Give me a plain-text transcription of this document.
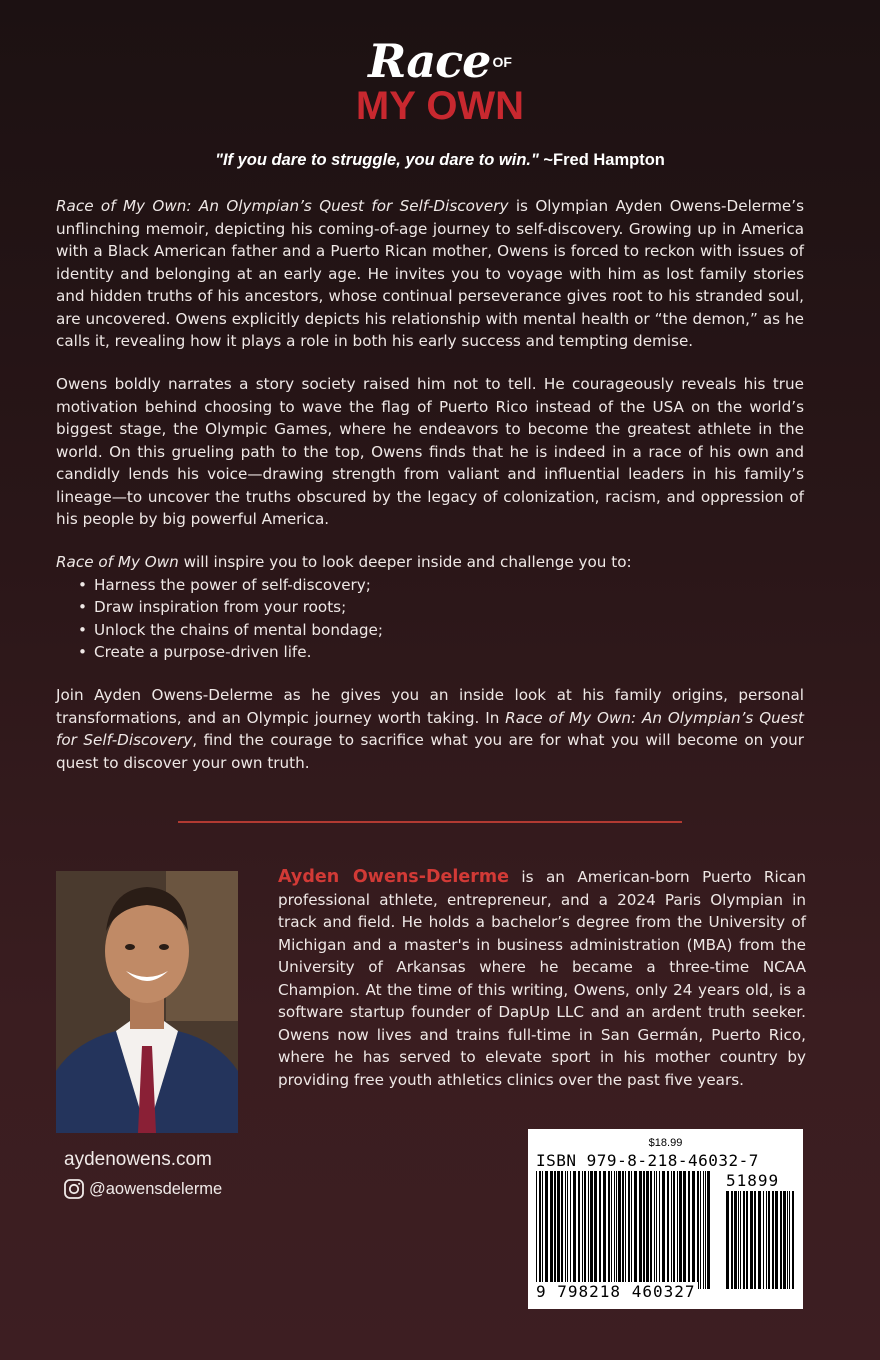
Race OF
MY OWN
"If you dare to struggle, you dare to win." ~Fred Hampton
Race of My Own: An Olympian’s Quest for Self-Discovery is Olympian Ayden Owens-Delerme’s unflinching memoir, depicting his coming-of-age journey to self-discovery. Growing up in America with a Black American father and a Puerto Rican mother, Owens is forced to reckon with issues of identity and belonging at an early age. He invites you to voyage with him as lost family stories and hidden truths of his ancestors, whose continual perseverance gives root to his stranded soul, are uncovered. Owens explicitly depicts his relationship with mental health or “the demon,” as he calls it, revealing how it plays a role in both his early success and tempting demise.
Owens boldly narrates a story society raised him not to tell. He courageously reveals his true motivation behind choosing to wave the flag of Puerto Rico instead of the USA on the world’s biggest stage, the Olympic Games, where he endeavors to become the greatest athlete in the world. On this grueling path to the top, Owens finds that he is indeed in a race of his own and candidly lends his voice—drawing strength from valiant and influential leaders in his family’s lineage—to uncover the truths obscured by the legacy of colonization, racism, and oppression of his people by big powerful America.
Race of My Own will inspire you to look deeper inside and challenge you to:
• Harness the power of self-discovery;
• Draw inspiration from your roots;
• Unlock the chains of mental bondage;
• Create a purpose-driven life.
Join Ayden Owens-Delerme as he gives you an inside look at his family origins, personal transformations, and an Olympic journey worth taking. In Race of My Own: An Olympian’s Quest for Self-Discovery, find the courage to sacrifice what you are for what you will become on your quest to discover your own truth.
Ayden Owens-Delerme is an American-born Puerto Rican professional athlete, entrepreneur, and a 2024 Paris Olympian in track and field. He holds a bachelor’s degree from the University of Michigan and a master's in business administration (MBA) from the University of Arkansas where he became a three-time NCAA Champion. At the time of this writing, Owens, only 24 years old, is a software startup founder of DapUp LLC and an ardent truth seeker. Owens now lives and trains full-time in San Germán, Puerto Rico, where he has served to elevate sport in his mother country by providing free youth athletics clinics over the past five years.
aydenowens.com
@aowensdelerme
$18.99
ISBN 979-8-218-46032-7
51899
9 798218 460327
